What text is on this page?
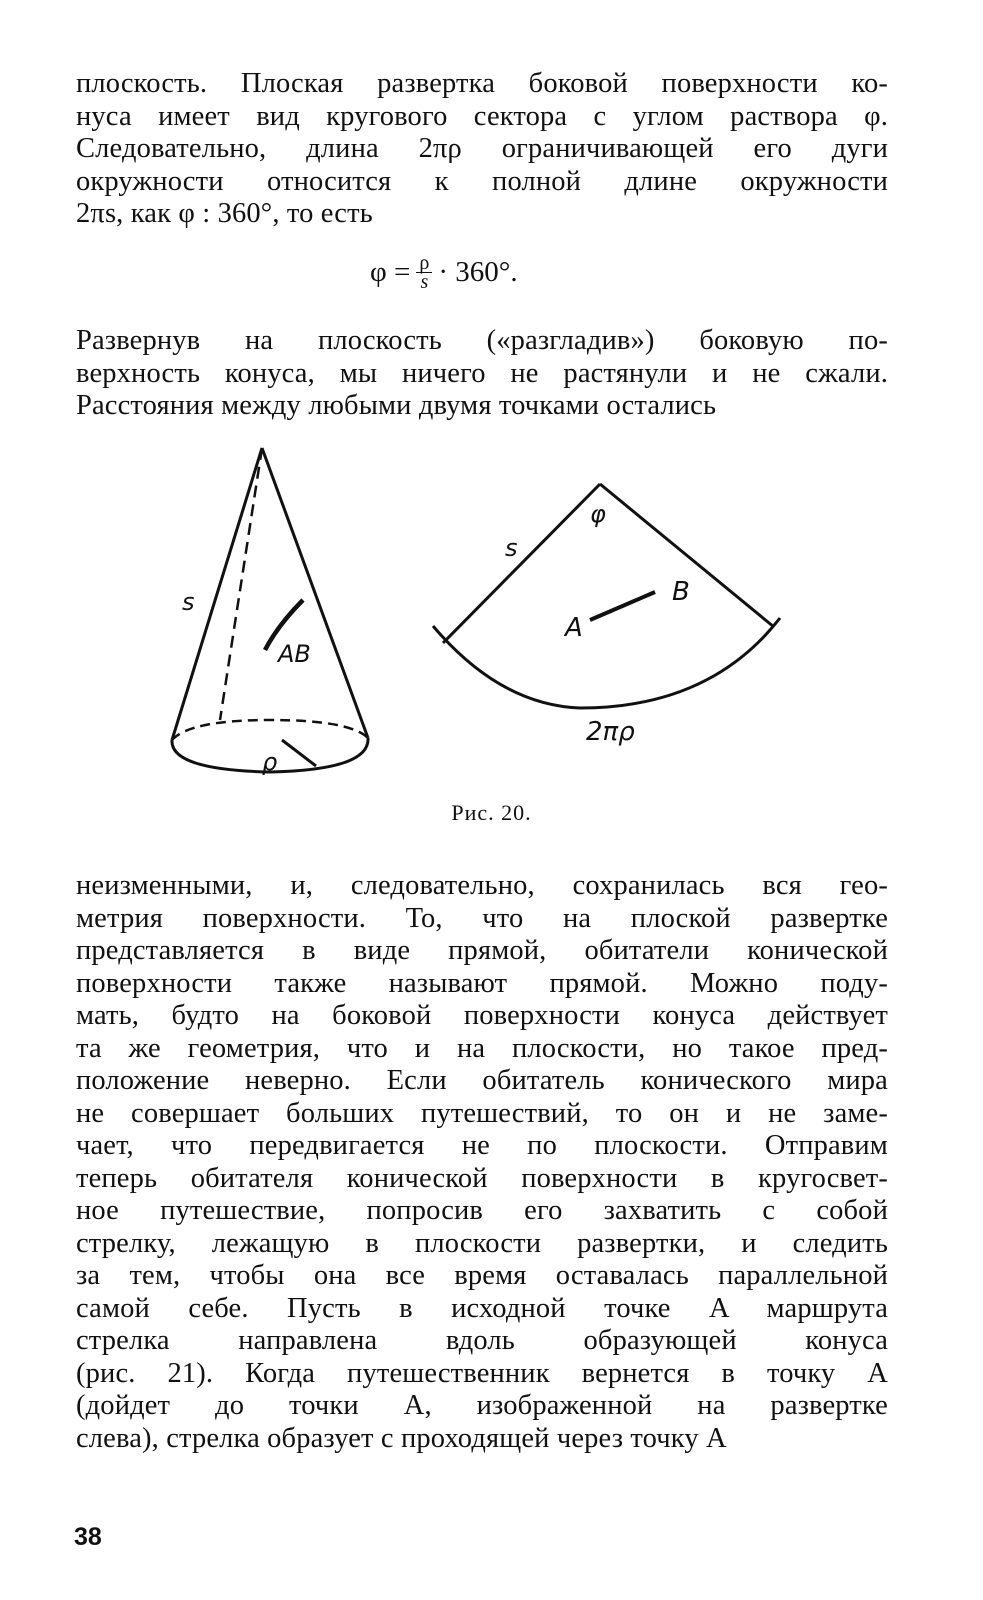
плоскость. Плоская развертка боковой поверхности ко-
нуса имеет вид кругового сектора с углом раствора φ.
Следовательно, длина 2πρ ограничивающей его дуги
окружности относится к полной длине окружности
2πs, как φ : 360°, то есть
$\varphi = \frac{\rho}{s} \cdot 360^\circ$.
Развернув на плоскость («разгладив») боковую по-
верхность конуса, мы ничего не растянули и не сжали.
Расстояния между любыми двумя точками остались
s
AB
ρ
s
φ
A
B
2πρ
Рис. 20.
неизменными, и, следовательно, сохранилась вся гео-
метрия поверхности. То, что на плоской развертке
представляется в виде прямой, обитатели конической
поверхности также называют прямой. Можно поду-
мать, будто на боковой поверхности конуса действует
та же геометрия, что и на плоскости, но такое пред-
положение неверно. Если обитатель конического мира
не совершает больших путешествий, то он и не заме-
чает, что передвигается не по плоскости. Отправим
теперь обитателя конической поверхности в кругосвет-
ное путешествие, попросив его захватить с собой
стрелку, лежащую в плоскости развертки, и следить
за тем, чтобы она все время оставалась параллельной
самой себе. Пусть в исходной точке A маршрута
стрелка направлена вдоль образующей конуса
(рис. 21). Когда путешественник вернется в точку A
(дойдет до точки A, изображенной на развертке
слева), стрелка образует с проходящей через точку A
38
